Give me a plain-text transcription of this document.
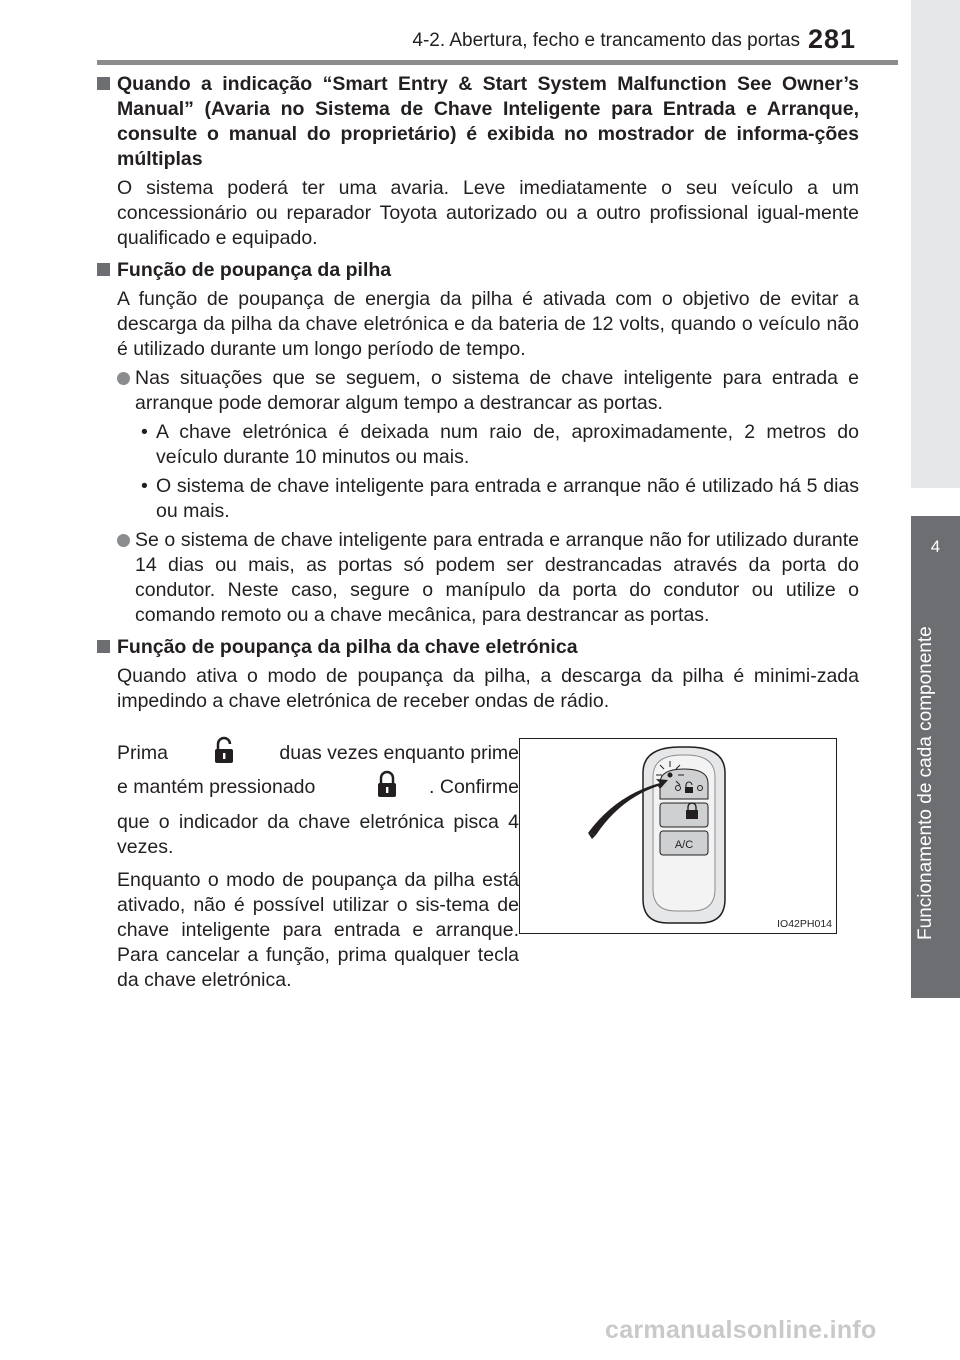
4-2. Abertura, fecho e trancamento das portas 281
4
Funcionamento de cada componente
Quando a indicação “Smart Entry & Start System Malfunction See Owner’s Manual” (Avaria no Sistema de Chave Inteligente para Entrada e Arranque, consulte o manual do proprietário) é exibida no mostrador de informa-ções múltiplas
O sistema poderá ter uma avaria. Leve imediatamente o seu veículo a um concessionário ou reparador Toyota autorizado ou a outro profissional igual-mente qualificado e equipado.
Função de poupança da pilha
A função de poupança de energia da pilha é ativada com o objetivo de evitar a descarga da pilha da chave eletrónica e da bateria de 12 volts, quando o veículo não é utilizado durante um longo período de tempo.
Nas situações que se seguem, o sistema de chave inteligente para entrada e arranque pode demorar algum tempo a destrancar as portas.
• A chave eletrónica é deixada num raio de, aproximadamente, 2 metros do veículo durante 10 minutos ou mais.
• O sistema de chave inteligente para entrada e arranque não é utilizado há 5 dias ou mais.
Se o sistema de chave inteligente para entrada e arranque não for utilizado durante 14 dias ou mais, as portas só podem ser destrancadas através da porta do condutor. Neste caso, segure o manípulo da porta do condutor ou utilize o comando remoto ou a chave mecânica, para destrancar as portas.
Função de poupança da pilha da chave eletrónica
Quando ativa o modo de poupança da pilha, a descarga da pilha é minimi-zada impedindo a chave eletrónica de receber ondas de rádio.

Prima	duas vezes enquanto prime

e mantém pressionado	. Confirme

que o indicador da chave eletrónica pisca 4 vezes.

Enquanto o modo de poupança da pilha está ativado, não é possível utilizar o sis-tema de chave inteligente para entrada e arranque. Para cancelar a função, prima qualquer tecla da chave eletrónica.

A/C
IO42PH014
carmanualsonline.info
